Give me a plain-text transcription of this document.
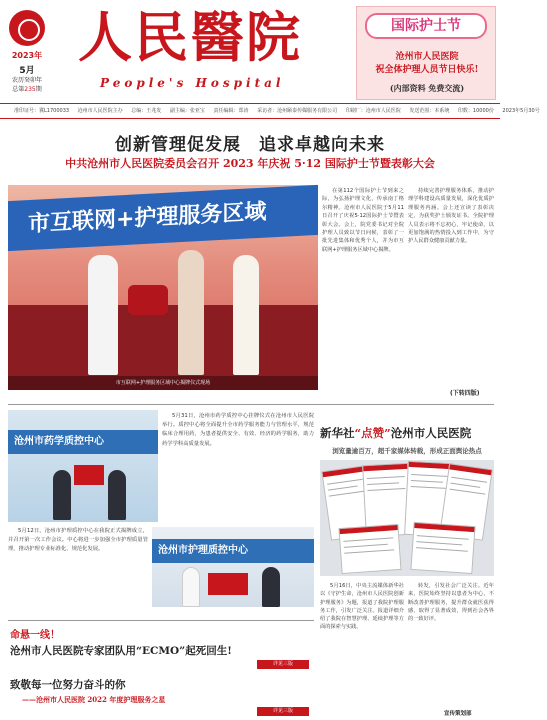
2023年
5月
农历癸卯年
总第235期
人民醫院
People's Hospital
国际护士节
沧州市人民医院
祝全体护理人员节日快乐!
(内部资料 免费交流)
准印证号：冀L1700033 沧州市人民医院主办 总编：王兆发 副主编：张亚宝 责任编辑：郑涛 采访者：沧州颐泰传媒服务有限公司 印刷厂：沧州市人民医院 发送范围：本系统 印数：10000份 2023年5月30号
创新管理促发展　追求卓越向未来
中共沧州市人民医院委员会召开 2023 年庆祝 5·12 国际护士节暨表彰大会
市互联网+护理服务区域
市互联网+护理服务区域中心揭牌仪式现场
在第112个国际护士节到来之际，为弘扬护理文化，传承南丁格尔精神。沧州市人民医院于5月11日召开了庆祝5·12国际护士节暨表彰大会。会上，院党委书记对全院护理人员致以节日问候，表彰了一批先进集体和优秀个人，并为市互联网+护理服务区域中心揭牌。
持续完善护理服务体系，推动护理学科建设高质量发展，深化优质护理服务内涵。会上还宣读了表彰决定，为获奖护士颁发证书。全院护理人员表示将不忘初心，牢记使命，以更加饱满的热情投入到工作中，为守护人民群众健康贡献力量。
(下转四版)
沧州市药学质控中心
5月31日，沧州市药学质控中心挂牌仪式在沧州市人民医院举行。质控中心将全面提升全市药学服务能力与管理水平，规范临床合理用药，为患者提供安全、有效、经济的药学服务，助力药学学科高质量发展。
5月12日，沧州市护理质控中心在我院正式揭牌成立，并召开第一次工作会议。中心将进一步加强全市护理质量管理，推动护理专业标准化、规范化发展。	沧州市护理质控中心
命悬一线！
沧州市人民医院专家团队用“ECMO”起死回生!
详见三版
致敬每一位努力奋斗的你
——沧州市人民医院 2022 年度护理服务之星
详见三版
新华社“点赞”沧州市人民医院
浏览量逾百万，超千家媒体转载，形成正面舆论热点
5月16日，中央主流媒体新华社以《守护生命，沧州市人民医院创新护理服务》为题，报道了我院护理服务工作，引发广泛关注。报道详细介绍了我院在智慧护理、延续护理等方面的探索与实践。
转发，引发社会广泛关注。近年来，医院始终坚持以患者为中心，不断改善护理服务，提升群众就医获得感，取得了显著成效，得到社会各界的一致好评。
宣传策划部
